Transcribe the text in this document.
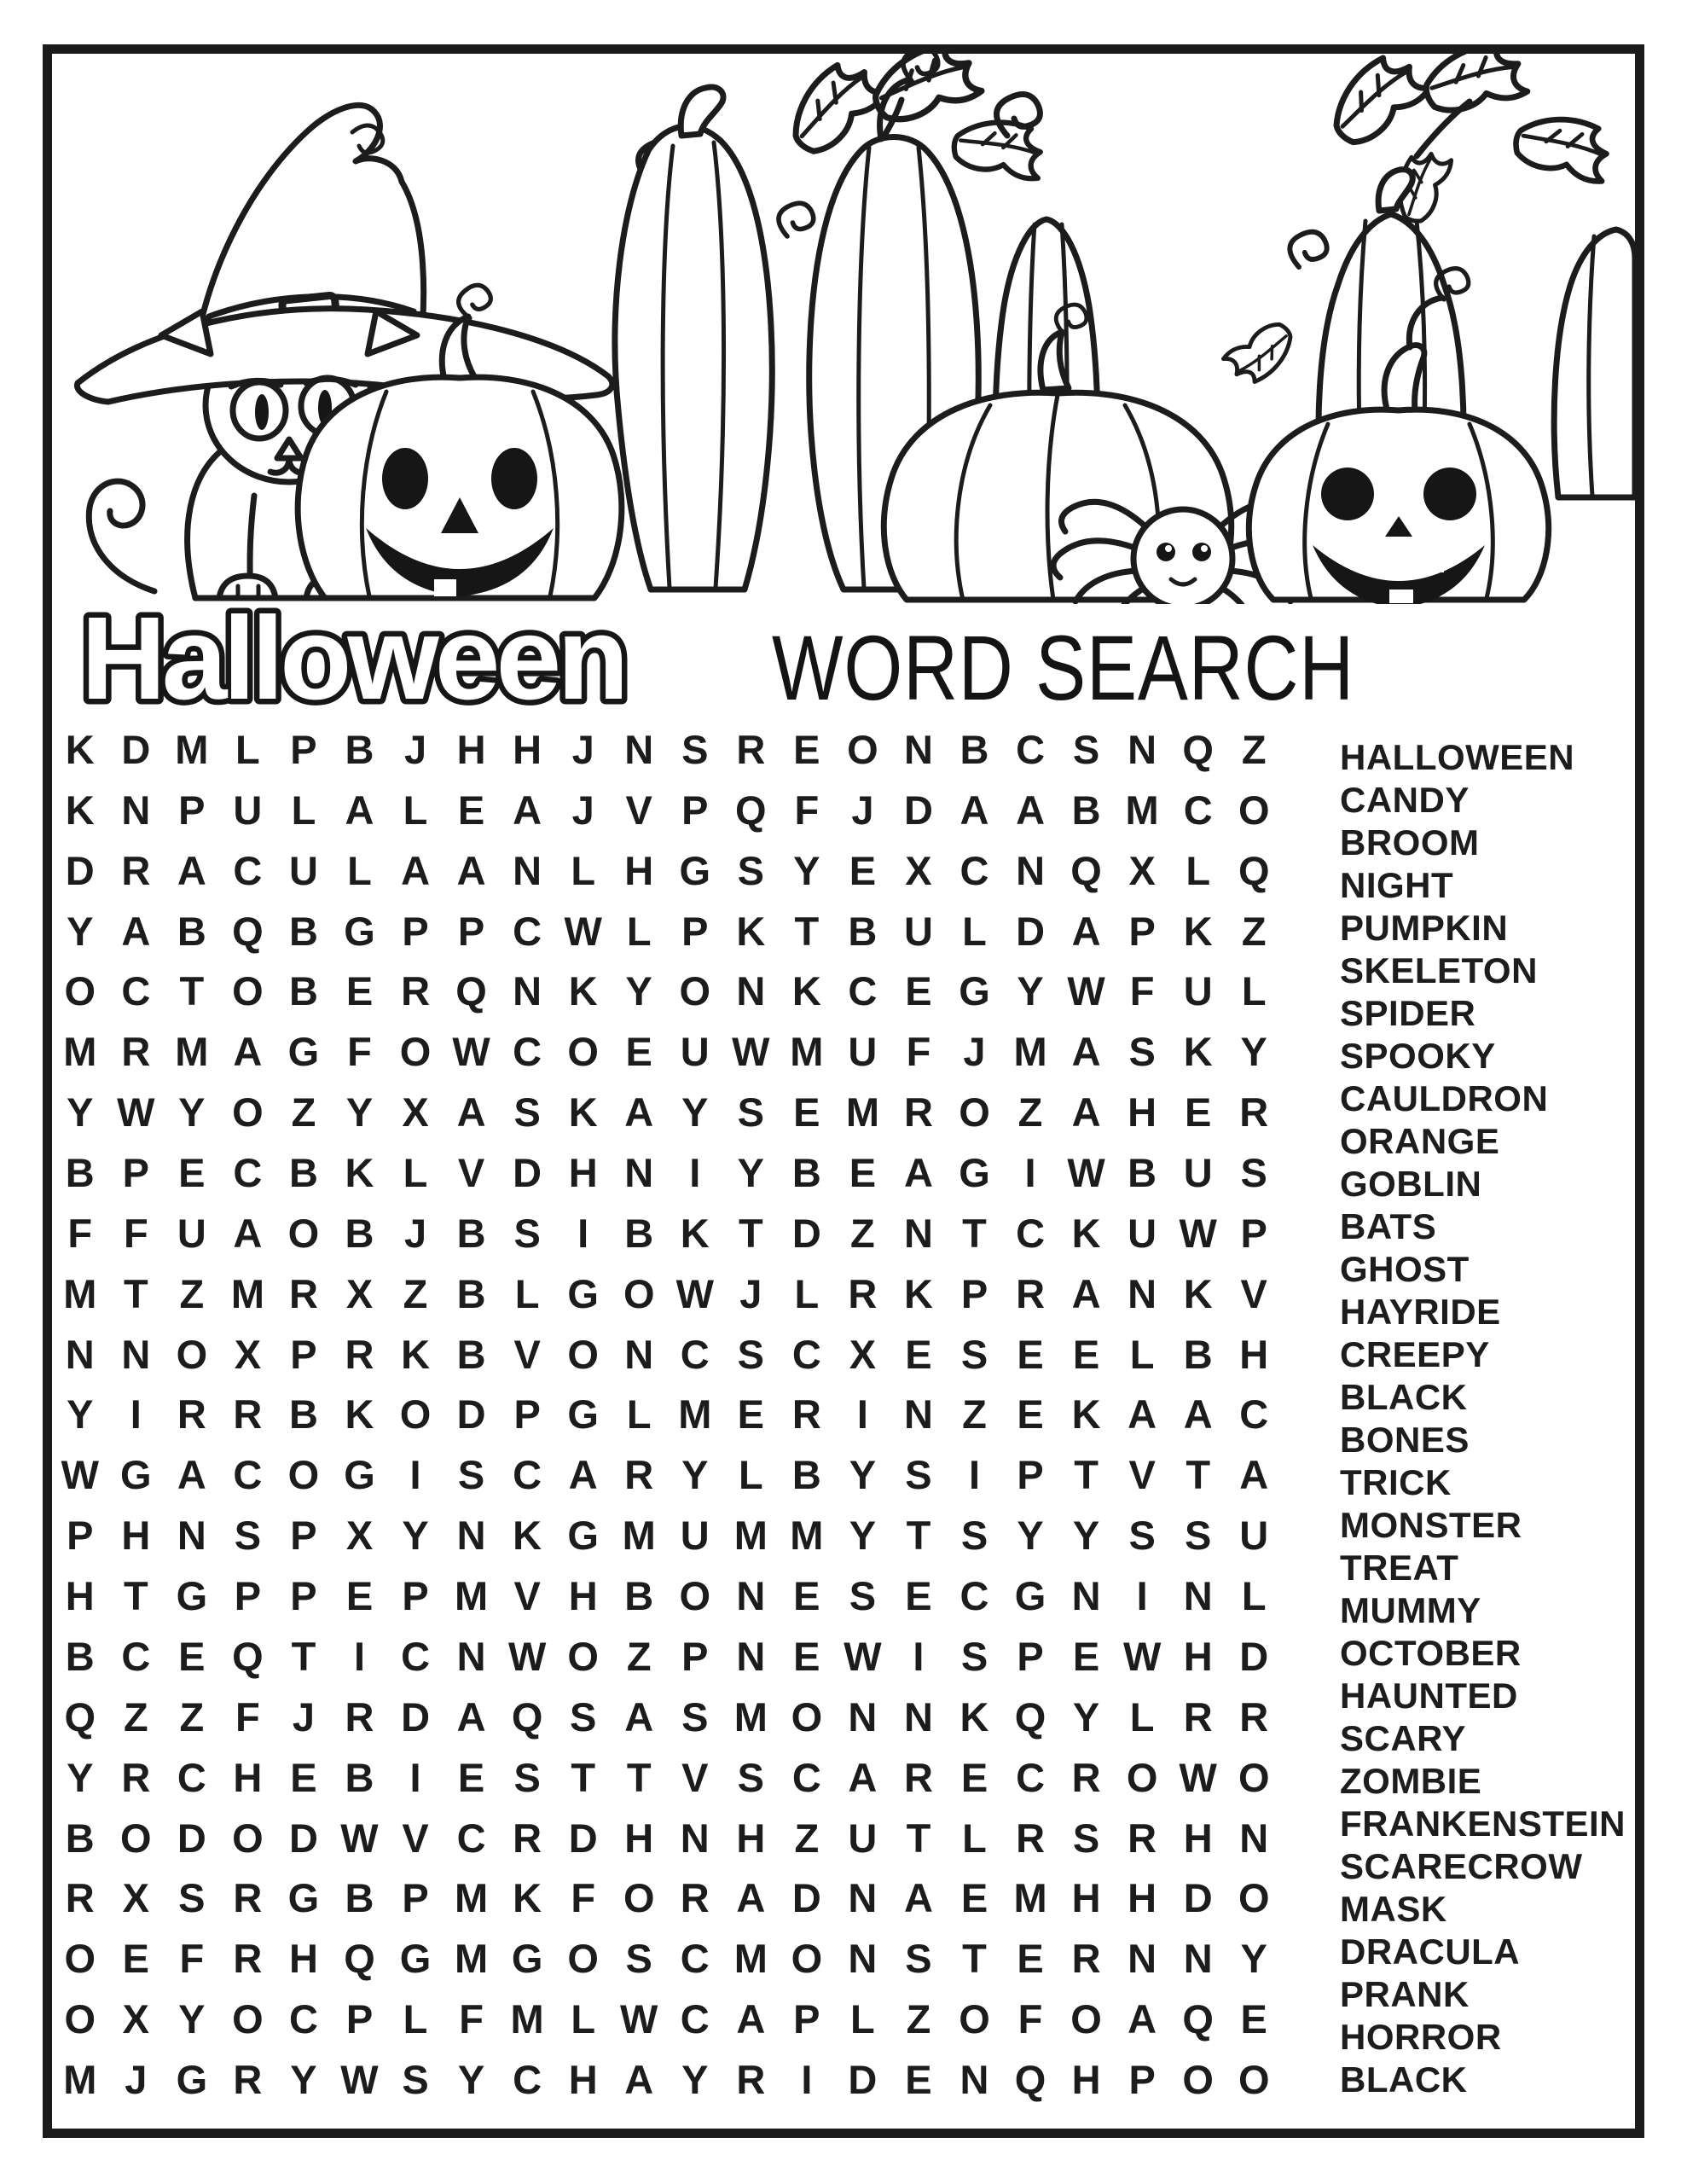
Halloween WORD SEARCH
K D M L P B J H H J N S R E O N B C S N Q Z
K N P U L A L E A J V P Q F J D A A B M C O
D R A C U L A A N L H G S Y E X C N Q X L Q
Y A B Q B G P P C W L P K T B U L D A P K Z
O C T O B E R Q N K Y O N K C E G Y W F U L
M R M A G F O W C O E U W M U F J M A S K Y
Y W Y O Z Y X A S K A Y S E M R O Z A H E R
B P E C B K L V D H N I Y B E A G I W B U S
F F U A O B J B S I B K T D Z N T C K U W P
M T Z M R X Z B L G O W J L R K P R A N K V
N N O X P R K B V O N C S C X E S E E L B H
Y I R R B K O D P G L M E R I N Z E K A A C
W G A C O G I S C A R Y L B Y S I P T V T A
P H N S P X Y N K G M U M M Y T S Y Y S S U
H T G P P E P M V H B O N E S E C G N I N L
B C E Q T I C N W O Z P N E W I S P E W H D
Q Z Z F J R D A Q S A S M O N N K Q Y L R R
Y R C H E B I E S T T V S C A R E C R O W O
B O D O D W V C R D H N H Z U T L R S R H N
R X S R G B P M K F O R A D N A E M H H D O
O E F R H Q G M G O S C M O N S T E R N N Y
O X Y O C P L F M L W C A P L Z O F O A Q E
M J G R Y W S Y C H A Y R I D E N Q H P O O
HALLOWEEN
CANDY
BROOM
NIGHT
PUMPKIN
SKELETON
SPIDER
SPOOKY
CAULDRON
ORANGE
GOBLIN
BATS
GHOST
HAYRIDE
CREEPY
BLACK
BONES
TRICK
MONSTER
TREAT
MUMMY
OCTOBER
HAUNTED
SCARY
ZOMBIE
FRANKENSTEIN
SCARECROW
MASK
DRACULA
PRANK
HORROR
BLACK
